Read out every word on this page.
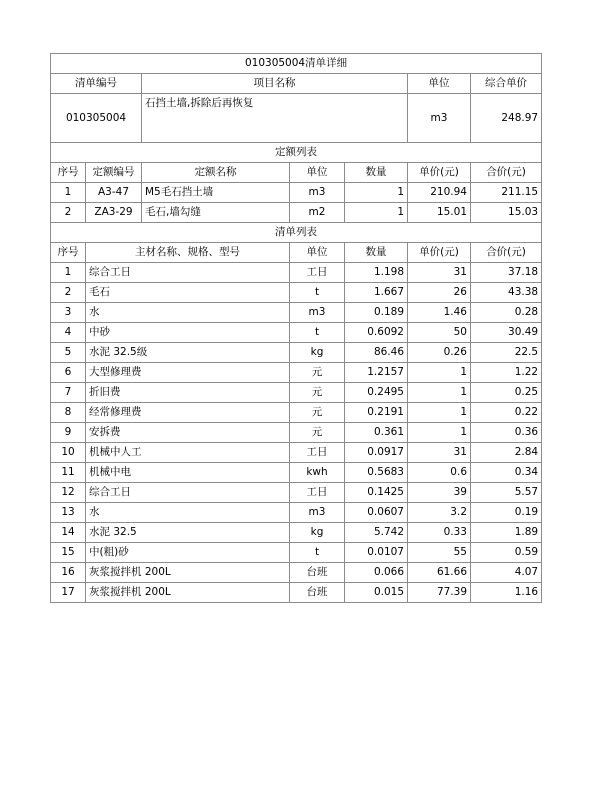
010305004清单详细						
清单编号		项目名称			单位	综合单价
010305004		石挡土墙,拆除后再恢复			m3	248.97
定额列表						
序号	定额编号	定额名称	单位	数量	单价(元)	合价(元)
1	A3-47	M5毛石挡土墙	m3	1	210.94	211.15
2	ZA3-29	毛石,墙勾缝	m2	1	15.01	15.03
清单列表						
序号	主材名称、规格、型号		单位	数量	单价(元)	合价(元)
1	综合工日		工日	1.198	31	37.18
2	毛石		t	1.667	26	43.38
3	水		m3	0.189	1.46	0.28
4	中砂		t	0.6092	50	30.49
5	水泥 32.5级		kg	86.46	0.26	22.5
6	大型修理费		元	1.2157	1	1.22
7	折旧费		元	0.2495	1	0.25
8	经常修理费		元	0.2191	1	0.22
9	安拆费		元	0.361	1	0.36
10	机械中人工		工日	0.0917	31	2.84
11	机械中电		kwh	0.5683	0.6	0.34
12	综合工日		工日	0.1425	39	5.57
13	水		m3	0.0607	3.2	0.19
14	水泥 32.5		kg	5.742	0.33	1.89
15	中(粗)砂		t	0.0107	55	0.59
16	灰浆搅拌机 200L		台班	0.066	61.66	4.07
17	灰浆搅拌机 200L		台班	0.015	77.39	1.16
